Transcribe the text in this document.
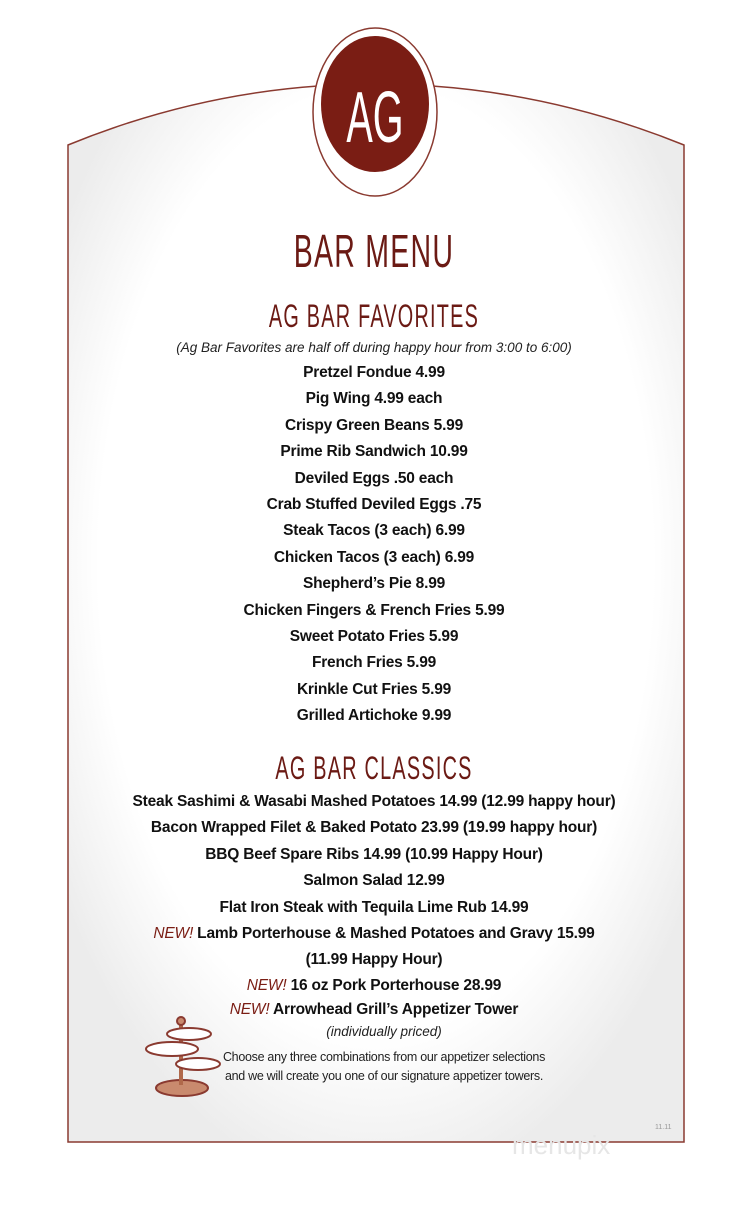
AG
BAR MENU
AG BAR FAVORITES
(Ag Bar Favorites are half off during happy hour from 3:00 to 6:00)
Pretzel Fondue 4.99
Pig Wing 4.99 each
Crispy Green Beans 5.99
Prime Rib Sandwich 10.99
Deviled Eggs .50 each
Crab Stuffed Deviled Eggs .75
Steak Tacos (3 each) 6.99
Chicken Tacos (3 each) 6.99
Shepherd’s Pie 8.99
Chicken Fingers & French Fries 5.99
Sweet Potato Fries 5.99
French Fries 5.99
Krinkle Cut Fries 5.99
Grilled Artichoke 9.99
AG BAR CLASSICS
Steak Sashimi & Wasabi Mashed Potatoes 14.99 (12.99 happy hour)
Bacon Wrapped Filet & Baked Potato 23.99 (19.99 happy hour)
BBQ Beef Spare Ribs 14.99 (10.99 Happy Hour)
Salmon Salad 12.99
Flat Iron Steak with Tequila Lime Rub 14.99
NEW! Lamb Porterhouse & Mashed Potatoes and Gravy 15.99
(11.99 Happy Hour)
NEW! 16 oz Pork Porterhouse 28.99
NEW! Arrowhead Grill’s Appetizer Tower
(individually priced)
Choose any three combinations from our appetizer selections
and we will create you one of our signature appetizer towers.
11.11
menupix
